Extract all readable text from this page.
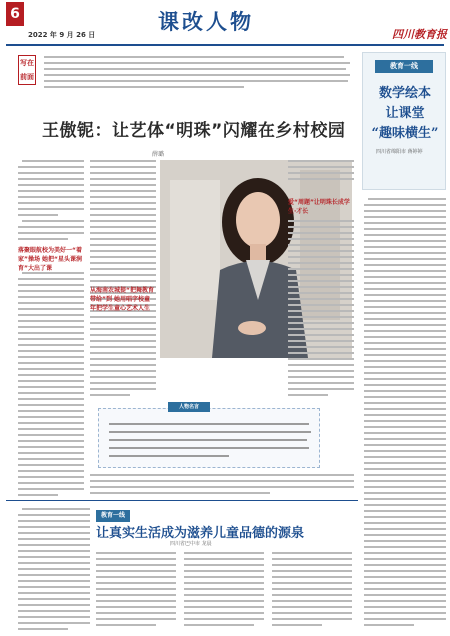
6
2022 年 9 月 26 日
课改人物
四川教育报
写在前面
王傲铌：让艺体“明珠”闪耀在乡村校园
薛璐
落聚眼航校为美好一“着家”操场 她把“星头课润育”大出了课
爱“周题”让明珠长成学生·才长
从海南农城提“把舞教育带给”到 她用唱字校童年把学生童心艺术人生
人物名言
教育一线
数学绘本
让课堂
“趣味横生”
四川省绵阳市 蒋婷婷
教育一线
让真实生活成为滋养儿童品德的源泉
四川省巴中市 龙晨
